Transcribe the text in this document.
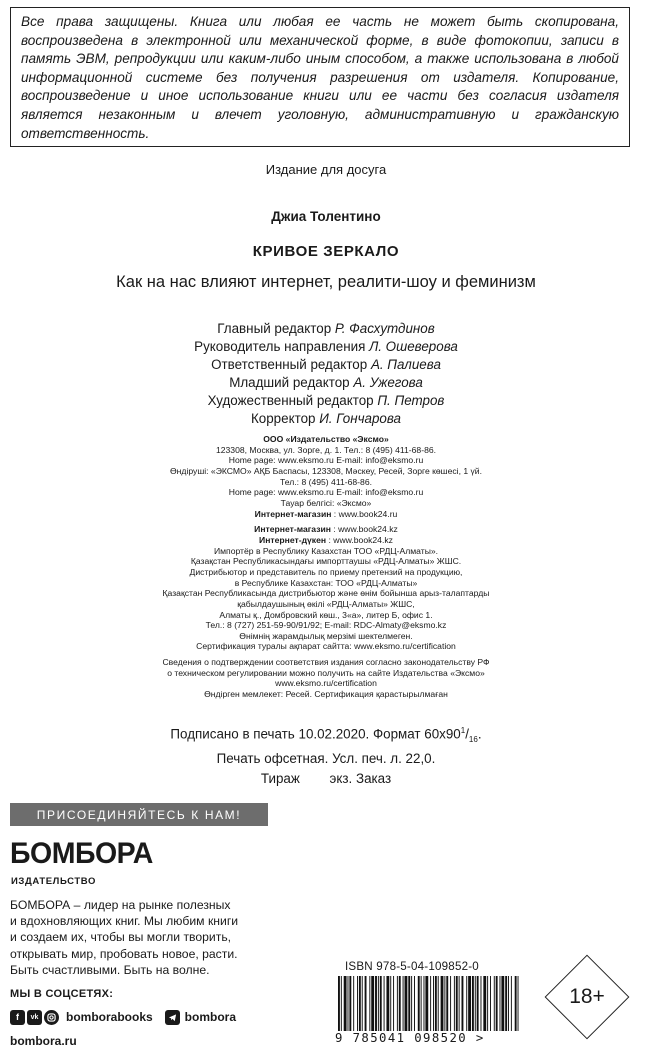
Все права защищены. Книга или любая ее часть не может быть скопирована, воспроизведена в электронной или механической форме, в виде фотокопии, записи в память ЭВМ, репродукции или каким-либо иным способом, а также использована в любой информационной системе без получения разрешения от издателя. Копирование, воспроизведение и иное использование книги или ее части без согласия издателя является незаконным и влечет уголовную, административную и гражданскую ответственность.

Издание для досуга
Джиа Толентино
КРИВОЕ ЗЕРКАЛО
Как на нас влияют интернет, реалити-шоу и феминизм
Главный редактор Р. Фасхутдинов
Руководитель направления Л. Ошеверова
Ответственный редактор А. Палиева
Младший редактор А. Ужегова
Художественный редактор П. Петров
Корректор И. Гончарова
ООО «Издательство «Эксмо»
123308, Москва, ул. Зорге, д. 1. Тел.: 8 (495) 411-68-86.
Home page: www.eksmo.ru E-mail: info@eksmo.ru
Өндіруші: «ЭКСМО» АҚБ Баспасы, 123308, Мәскеу, Ресей, Зорге көшесі, 1 үй.
Тел.: 8 (495) 411-68-86.
Home page: www.eksmo.ru E-mail: info@eksmo.ru
Тауар белгісі: «Эксмо»
Интернет-магазин : www.book24.ru
Интернет-магазин : www.book24.kz
Интернет-дүкен : www.book24.kz
Импортёр в Республику Казахстан ТОО «РДЦ-Алматы».
Қазақстан Республикасындағы импорттаушы «РДЦ-Алматы» ЖШС.
Дистрибьютор и представитель по приему претензий на продукцию,
в Республике Казахстан: ТОО «РДЦ-Алматы»
Қазақстан Республикасында дистрибьютор және өнім бойынша арыз-талаптарды
қабылдаушының өкілі «РДЦ-Алматы» ЖШС,
Алматы қ., Домбровский көш., 3«а», литер Б, офис 1.
Тел.: 8 (727) 251-59-90/91/92; E-mail: RDC-Almaty@eksmo.kz
Өнімнің жарамдылық мерзімі шектелмеген.
Сертификация туралы ақпарат сайтта: www.eksmo.ru/certification
Сведения о подтверждении соответствия издания согласно законодательству РФ
о техническом регулировании можно получить на сайте Издательства «Эксмо»
www.eksmo.ru/certification
Өндірген мемлекет: Ресей. Сертификация қарастырылмаған
Подписано в печать 10.02.2020. Формат $60x90^1/_{16}$.
Печать офсетная. Усл. печ. л. 22,0.
Тираж        экз. Заказ
ПРИСОЕДИНЯЙТЕСЬ К НАМ!
БОМБОРА
ИЗДАТЕЛЬСТВО
БОМБОРА – лидер на рынке полезных
и вдохновляющих книг. Мы любим книги
и создаем их, чтобы вы могли творить,
открывать мир, пробовать новое, расти.
Быть счастливыми. Быть на волне.
МЫ В СОЦСЕТЯХ:
f	vk	bomborabooks	bombora
bombora.ru
ISBN 978-5-04-109852-0
9 785041 098520 >
18+
